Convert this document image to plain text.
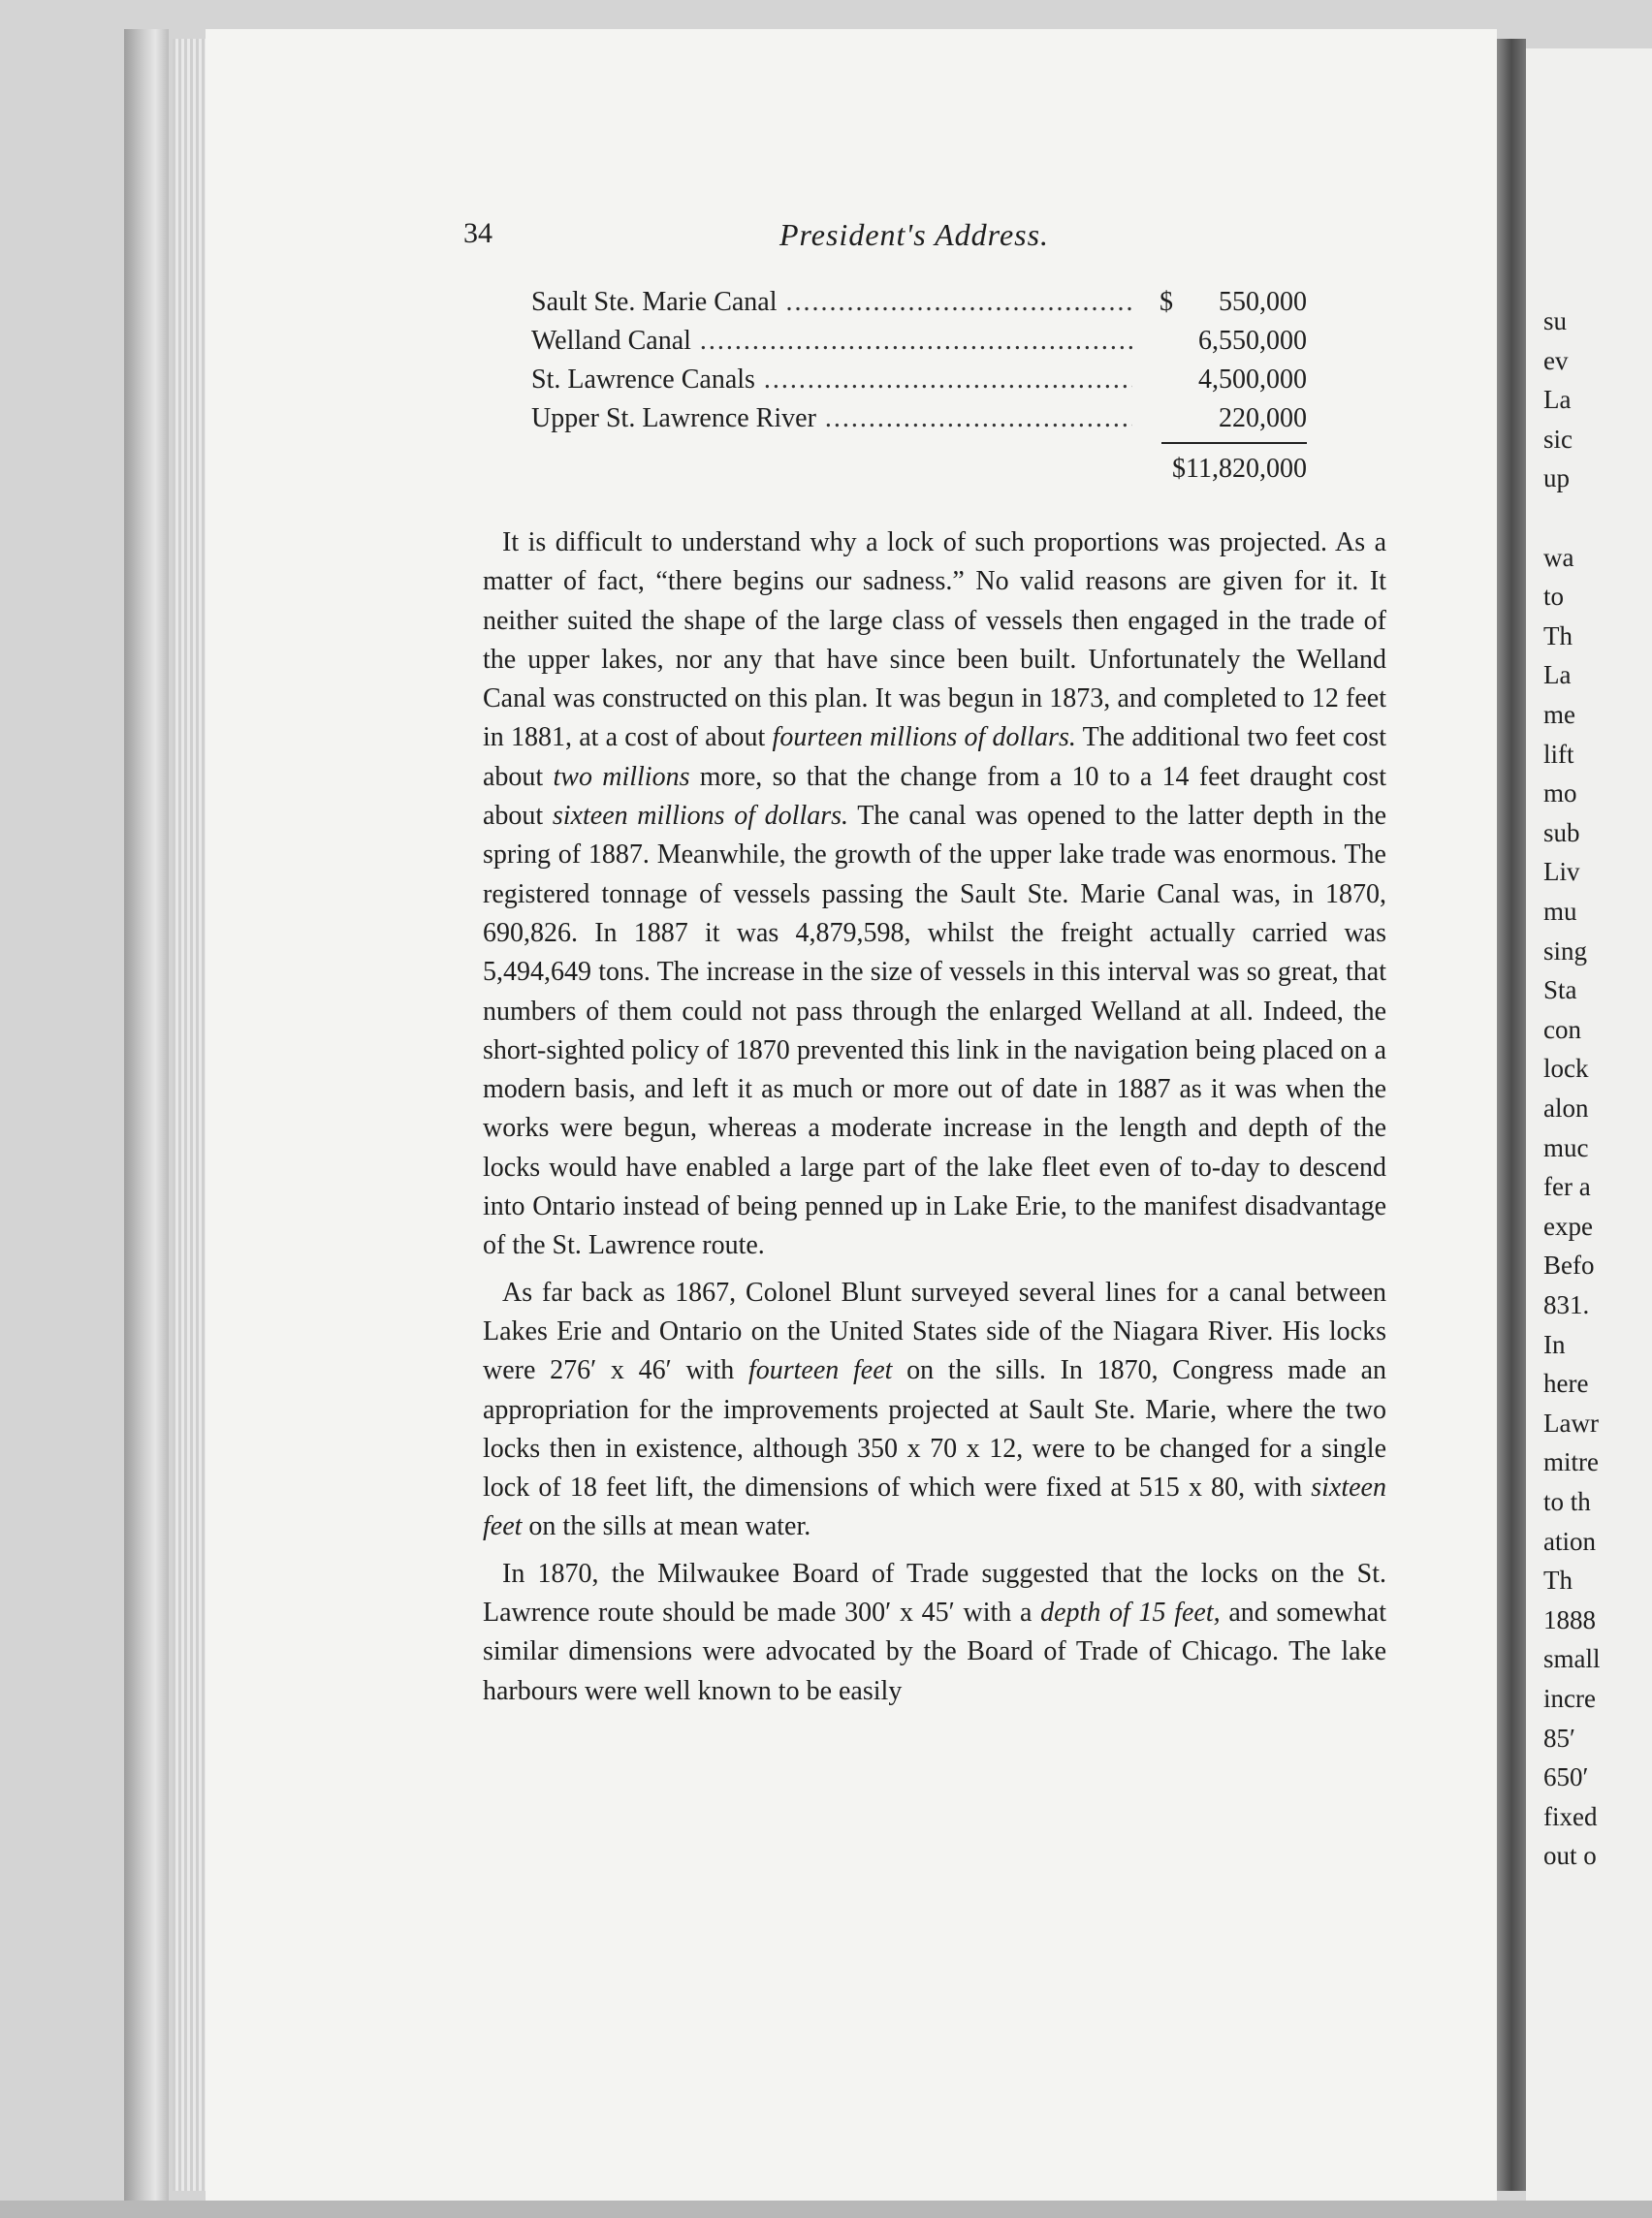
34	President's Address.
Sault Ste. Marie Canal .....	$	550,000
Welland Canal .....	6,550,000
St. Lawrence Canals .....	4,500,000
Upper St. Lawrence River .....	220,000
$11,820,000

It is difficult to understand why a lock of such proportions was projected. As a matter of fact, “there begins our sadness.” No valid reasons are given for it. It neither suited the shape of the large class of vessels then engaged in the trade of the upper lakes, nor any that have since been built. Unfortunately the Welland Canal was constructed on this plan. It was begun in 1873, and completed to 12 feet in 1881, at a cost of about fourteen millions of dollars. The additional two feet cost about two millions more, so that the change from a 10 to a 14 feet draught cost about sixteen millions of dollars. The canal was opened to the latter depth in the spring of 1887. Meanwhile, the growth of the upper lake trade was enormous. The registered tonnage of vessels passing the Sault Ste. Marie Canal was, in 1870, 690,826. In 1887 it was 4,879,598, whilst the freight actually carried was 5,494,649 tons. The increase in the size of vessels in this interval was so great, that numbers of them could not pass through the enlarged Welland at all. Indeed, the short-sighted policy of 1870 prevented this link in the navigation being placed on a modern basis, and left it as much or more out of date in 1887 as it was when the works were begun, whereas a moderate increase in the length and depth of the locks would have enabled a large part of the lake fleet even of to-day to descend into Ontario instead of being penned up in Lake Erie, to the manifest disadvantage of the St. Lawrence route.

As far back as 1867, Colonel Blunt surveyed several lines for a canal between Lakes Erie and Ontario on the United States side of the Niagara River. His locks were 276′ x 46′ with fourteen feet on the sills. In 1870, Congress made an appropriation for the improvements projected at Sault Ste. Marie, where the two locks then in existence, although 350 x 70 x 12, were to be changed for a single lock of 18 feet lift, the dimensions of which were fixed at 515 x 80, with sixteen feet on the sills at mean water.

In 1870, the Milwaukee Board of Trade suggested that the locks on the St. Lawrence route should be made 300′ x 45′ with a depth of 15 feet, and somewhat similar dimensions were advocated by the Board of Trade of Chicago. The lake harbours were well known to be easily

su
ev
La
sic
up
wa
to
Th
La
me
lift
mo
sub
Liv
mu
sing
Sta
con
lock
alon
muc
fer a
expe
Befo
831.
In
here
Lawr
mitre
to th
ation
Th
1888
small
incre
85′
650′
fixed
out o
